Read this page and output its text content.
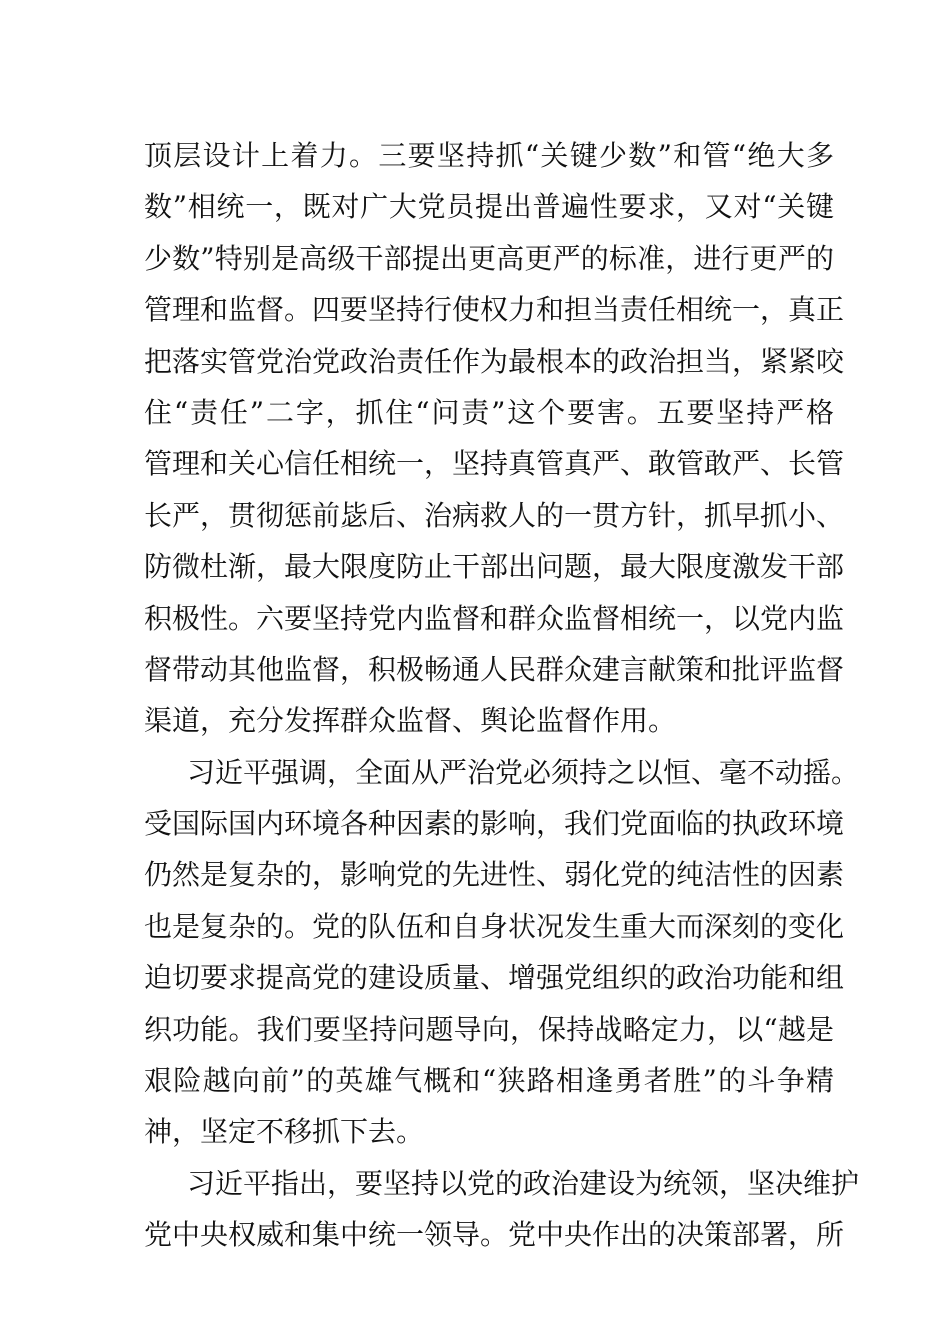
顶层设计上着力。三要坚持抓“关键少数”和管“绝大多
数”相统一，既对广大党员提出普遍性要求，又对“关键
少数”特别是高级干部提出更高更严的标准，进行更严的
管理和监督。四要坚持行使权力和担当责任相统一，真正
把落实管党治党政治责任作为最根本的政治担当，紧紧咬
住“责任”二字，抓住“问责”这个要害。五要坚持严格
管理和关心信任相统一，坚持真管真严、敢管敢严、长管
长严，贯彻惩前毖后、治病救人的一贯方针，抓早抓小、
防微杜渐，最大限度防止干部出问题，最大限度激发干部
积极性。六要坚持党内监督和群众监督相统一，以党内监
督带动其他监督，积极畅通人民群众建言献策和批评监督
渠道，充分发挥群众监督、舆论监督作用。
习近平强调，全面从严治党必须持之以恒、毫不动摇。
受国际国内环境各种因素的影响，我们党面临的执政环境
仍然是复杂的，影响党的先进性、弱化党的纯洁性的因素
也是复杂的。党的队伍和自身状况发生重大而深刻的变化
迫切要求提高党的建设质量、增强党组织的政治功能和组
织功能。我们要坚持问题导向，保持战略定力，以“越是
艰险越向前”的英雄气概和“狭路相逢勇者胜”的斗争精
神，坚定不移抓下去。
习近平指出，要坚持以党的政治建设为统领，坚决维护
党中央权威和集中统一领导。党中央作出的决策部署，所
